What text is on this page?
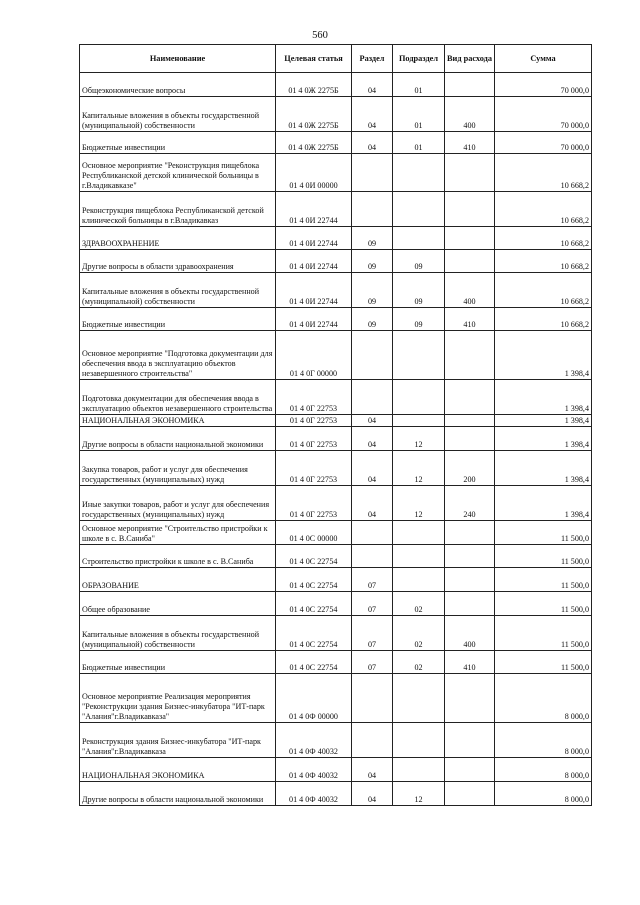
560
Наименование	Целевая статья	Раздел	Подраздел	Вид расхода	Сумма
Общеэкономические вопросы	01 4 0Ж 2275Б	04	01		70 000,0
Капитальные вложения в объекты государственной (муниципальной) собственности	01 4 0Ж 2275Б	04	01	400	70 000,0
Бюджетные инвестиции	01 4 0Ж 2275Б	04	01	410	70 000,0
Основное мероприятие "Реконструкция пищеблока Республиканской детской клинической больницы в г.Владикавказе"	01 4 0И 00000				10 668,2
Реконструкция пищеблока Республиканской детской клинической больницы в г.Владикавказ	01 4 0И 22744				10 668,2
ЗДРАВООХРАНЕНИЕ	01 4 0И 22744	09			10 668,2
Другие вопросы в области здравоохранения	01 4 0И 22744	09	09		10 668,2
Капитальные вложения в объекты государственной (муниципальной) собственности	01 4 0И 22744	09	09	400	10 668,2
Бюджетные инвестиции	01 4 0И 22744	09	09	410	10 668,2
Основное мероприятие "Подготовка документации для обеспечения ввода в эксплуатацию объектов незавершенного строительства"	01 4 0Г 00000				1 398,4
Подготовка документации для обеспечения ввода в эксплуатацию объектов незавершенного строительства	01 4 0Г 22753				1 398,4
НАЦИОНАЛЬНАЯ ЭКОНОМИКА	01 4 0Г 22753	04			1 398,4
Другие вопросы в области национальной экономики	01 4 0Г 22753	04	12		1 398,4
Закупка товаров, работ и услуг для обеспечения государственных (муниципальных) нужд	01 4 0Г 22753	04	12	200	1 398,4
Иные закупки товаров, работ и услуг для обеспечения государственных (муниципальных) нужд	01 4 0Г 22753	04	12	240	1 398,4
Основное мероприятие "Строительство пристройки к школе в с. В.Саниба"	01 4 0С 00000				11 500,0
Строительство пристройки к школе в с. В.Саниба	01 4 0С 22754				11 500,0
ОБРАЗОВАНИЕ	01 4 0С 22754	07			11 500,0
Общее образование	01 4 0С 22754	07	02		11 500,0
Капитальные вложения в объекты государственной (муниципальной) собственности	01 4 0С 22754	07	02	400	11 500,0
Бюджетные инвестиции	01 4 0С 22754	07	02	410	11 500,0
Основное мероприятие Реализация мероприятия "Реконструкции здания Бизнес-инкубатора "ИТ-парк "Алания"г.Владикавказа"	01 4 0Ф 00000				8 000,0
Реконструкция здания Бизнес-инкубатора "ИТ-парк "Алания"г.Владикавказа	01 4 0Ф 40032				8 000,0
НАЦИОНАЛЬНАЯ ЭКОНОМИКА	01 4 0Ф 40032	04			8 000,0
Другие вопросы в области национальной экономики	01 4 0Ф 40032	04	12		8 000,0
